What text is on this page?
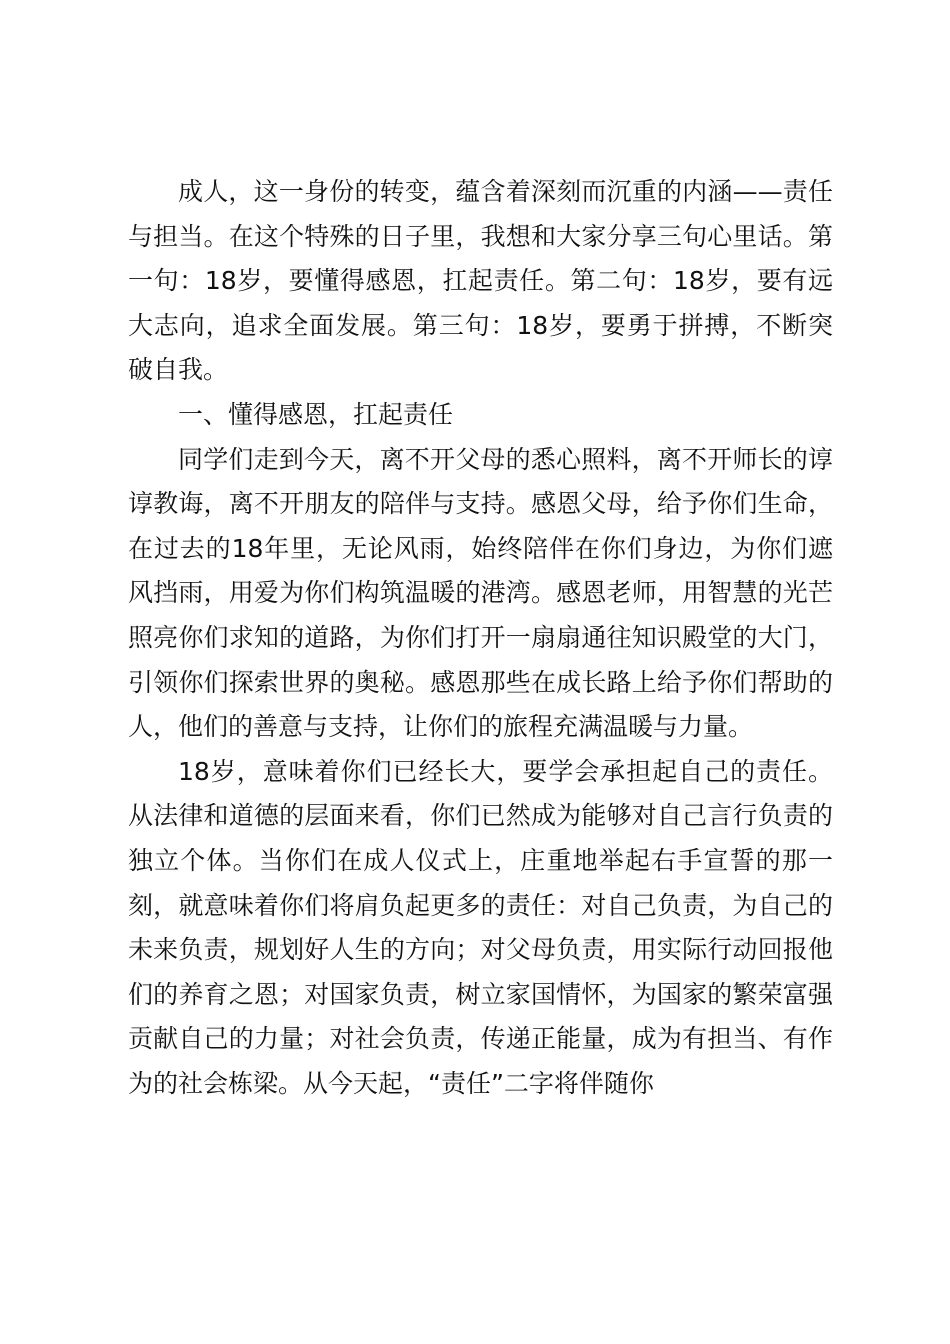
成人，这一身份的转变，蕴含着深刻而沉重的内涵——责任与担当。在这个特殊的日子里，我想和大家分享三句心里话。第一句：18岁，要懂得感恩，扛起责任。第二句：18岁，要有远大志向，追求全面发展。第三句：18岁，要勇于拼搏，不断突破自我。

一、懂得感恩，扛起责任

同学们走到今天，离不开父母的悉心照料，离不开师长的谆谆教诲，离不开朋友的陪伴与支持。感恩父母，给予你们生命，在过去的18年里，无论风雨，始终陪伴在你们身边，为你们遮风挡雨，用爱为你们构筑温暖的港湾。感恩老师，用智慧的光芒照亮你们求知的道路，为你们打开一扇扇通往知识殿堂的大门，引领你们探索世界的奥秘。感恩那些在成长路上给予你们帮助的人，他们的善意与支持，让你们的旅程充满温暖与力量。

18岁，意味着你们已经长大，要学会承担起自己的责任。从法律和道德的层面来看，你们已然成为能够对自己言行负责的独立个体。当你们在成人仪式上，庄重地举起右手宣誓的那一刻，就意味着你们将肩负起更多的责任：对自己负责，为自己的未来负责，规划好人生的方向；对父母负责，用实际行动回报他们的养育之恩；对国家负责，树立家国情怀，为国家的繁荣富强贡献自己的力量；对社会负责，传递正能量，成为有担当、有作为的社会栋梁。从今天起，“责任”二字将伴随你
